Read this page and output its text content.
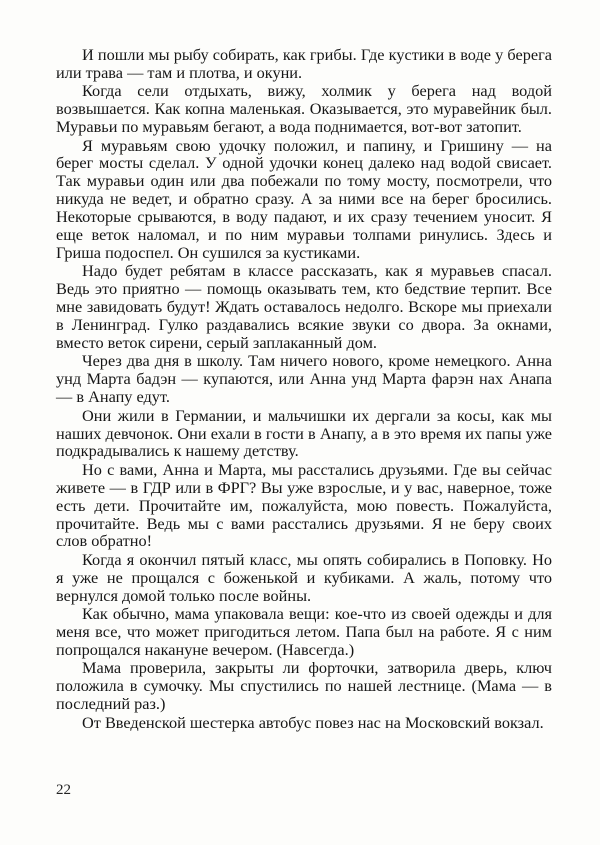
И пошли мы рыбу собирать, как грибы. Где кустики в воде у берега или трава — там и плотва, и окуни.

Когда сели отдыхать, вижу, холмик у берега над водой возвышается. Как копна маленькая. Оказывается, это муравейник был. Муравьи по муравьям бегают, а вода поднимается, вот-вот затопит.

Я муравьям свою удочку положил, и папину, и Гришину — на берег мосты сделал. У одной удочки конец далеко над водой свисает. Так муравьи один или два побежали по тому мосту, посмотрели, что никуда не ведет, и обратно сразу. А за ними все на берег бросились. Некоторые срываются, в воду падают, и их сразу течением уносит. Я еще веток наломал, и по ним муравьи толпами ринулись. Здесь и Гриша подоспел. Он сушился за кустиками.

Надо будет ребятам в классе рассказать, как я муравьев спасал. Ведь это приятно — помощь оказывать тем, кто бедствие терпит. Все мне завидовать будут! Ждать оставалось недолго. Вскоре мы приехали в Ленинград. Гулко раздавались всякие звуки со двора. За окнами, вместо веток сирени, серый заплаканный дом.

Через два дня в школу. Там ничего нового, кроме немецкого. Анна унд Марта бадэн — купаются, или Анна унд Марта фарэн нах Анапа — в Анапу едут.

Они жили в Германии, и мальчишки их дергали за косы, как мы наших девчонок. Они ехали в гости в Анапу, а в это время их папы уже подкрадывались к нашему детству.

Но с вами, Анна и Марта, мы расстались друзьями. Где вы сейчас живете — в ГДР или в ФРГ? Вы уже взрослые, и у вас, наверное, тоже есть дети. Прочитайте им, пожалуйста, мою повесть. Пожалуйста, прочитайте. Ведь мы с вами расстались друзьями. Я не беру своих слов обратно!

Когда я окончил пятый класс, мы опять собирались в Поповку. Но я уже не прощался с боженькой и кубиками. А жаль, потому что вернулся домой только после войны.

Как обычно, мама упаковала вещи: кое-что из своей одежды и для меня все, что может пригодиться летом. Папа был на работе. Я с ним попрощался накануне вечером. (Навсегда.)

Мама проверила, закрыты ли форточки, затворила дверь, ключ положила в сумочку. Мы спустились по нашей лестнице. (Мама — в последний раз.)

От Введенской шестерка автобус повез нас на Московский вокзал.

22
